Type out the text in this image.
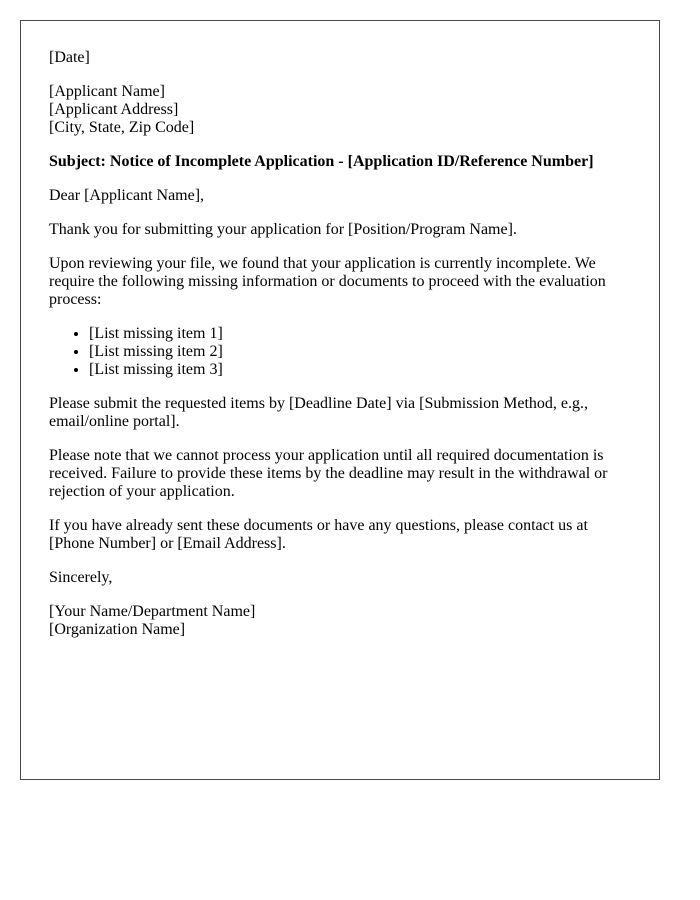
[Date]

[Applicant Name]
[Applicant Address]
[City, State, Zip Code]

Subject: Notice of Incomplete Application - [Application ID/Reference Number]

Dear [Applicant Name],

Thank you for submitting your application for [Position/Program Name].

Upon reviewing your file, we found that your application is currently incomplete. We require the following missing information or documents to proceed with the evaluation process:

• [List missing item 1]
• [List missing item 2]
• [List missing item 3]

Please submit the requested items by [Deadline Date] via [Submission Method, e.g., email/online portal].

Please note that we cannot process your application until all required documentation is received. Failure to provide these items by the deadline may result in the withdrawal or rejection of your application.

If you have already sent these documents or have any questions, please contact us at [Phone Number] or [Email Address].

Sincerely,

[Your Name/Department Name]
[Organization Name]
